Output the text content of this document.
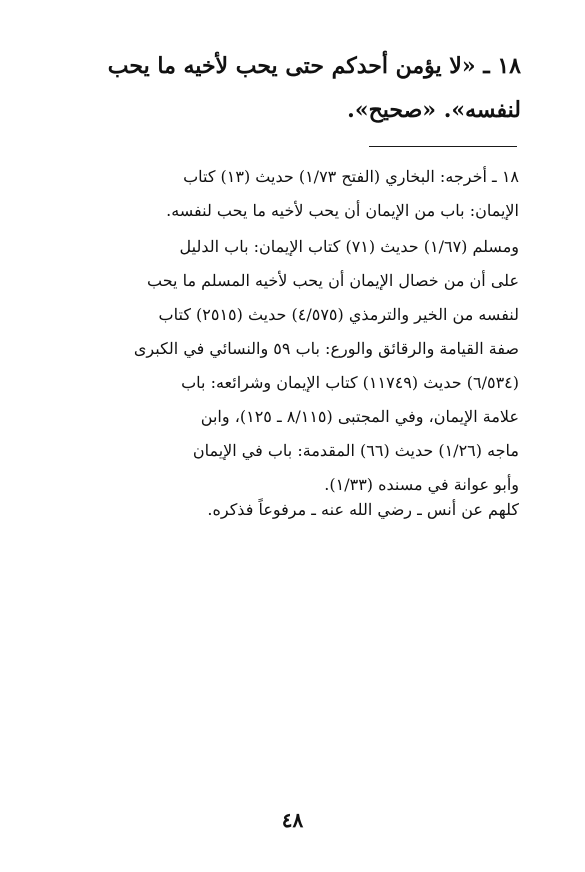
١٨ ـ «لا يؤمن أحدكم حتى يحب لأخيه ما يحب
لنفسه». «صحيح».
١٨ ـ أخرجه: البخاري (الفتح ١/٧٣) حديث (١٣) كتاب
الإيمان: باب من الإيمان أن يحب لأخيه ما يحب لنفسه.
ومسلم (١/٦٧) حديث (٧١) كتاب الإيمان: باب الدليل
على أن من خصال الإيمان أن يحب لأخيه المسلم ما يحب
لنفسه من الخير والترمذي (٤/٥٧٥) حديث (٢٥١٥) كتاب
صفة القيامة والرقائق والورع: باب ٥٩ والنسائي في الكبرى
(٦/٥٣٤) حديث (١١٧٤٩) كتاب الإيمان وشرائعه: باب
علامة الإيمان، وفي المجتبى (٨/١١٥ ـ ١٢٥)، وابن
ماجه (١/٢٦) حديث (٦٦) المقدمة: باب في الإيمان
وأبو عوانة في مسنده (١/٣٣).
كلهم عن أنس ـ رضي الله عنه ـ مرفوعاً فذكره.
٤٨
